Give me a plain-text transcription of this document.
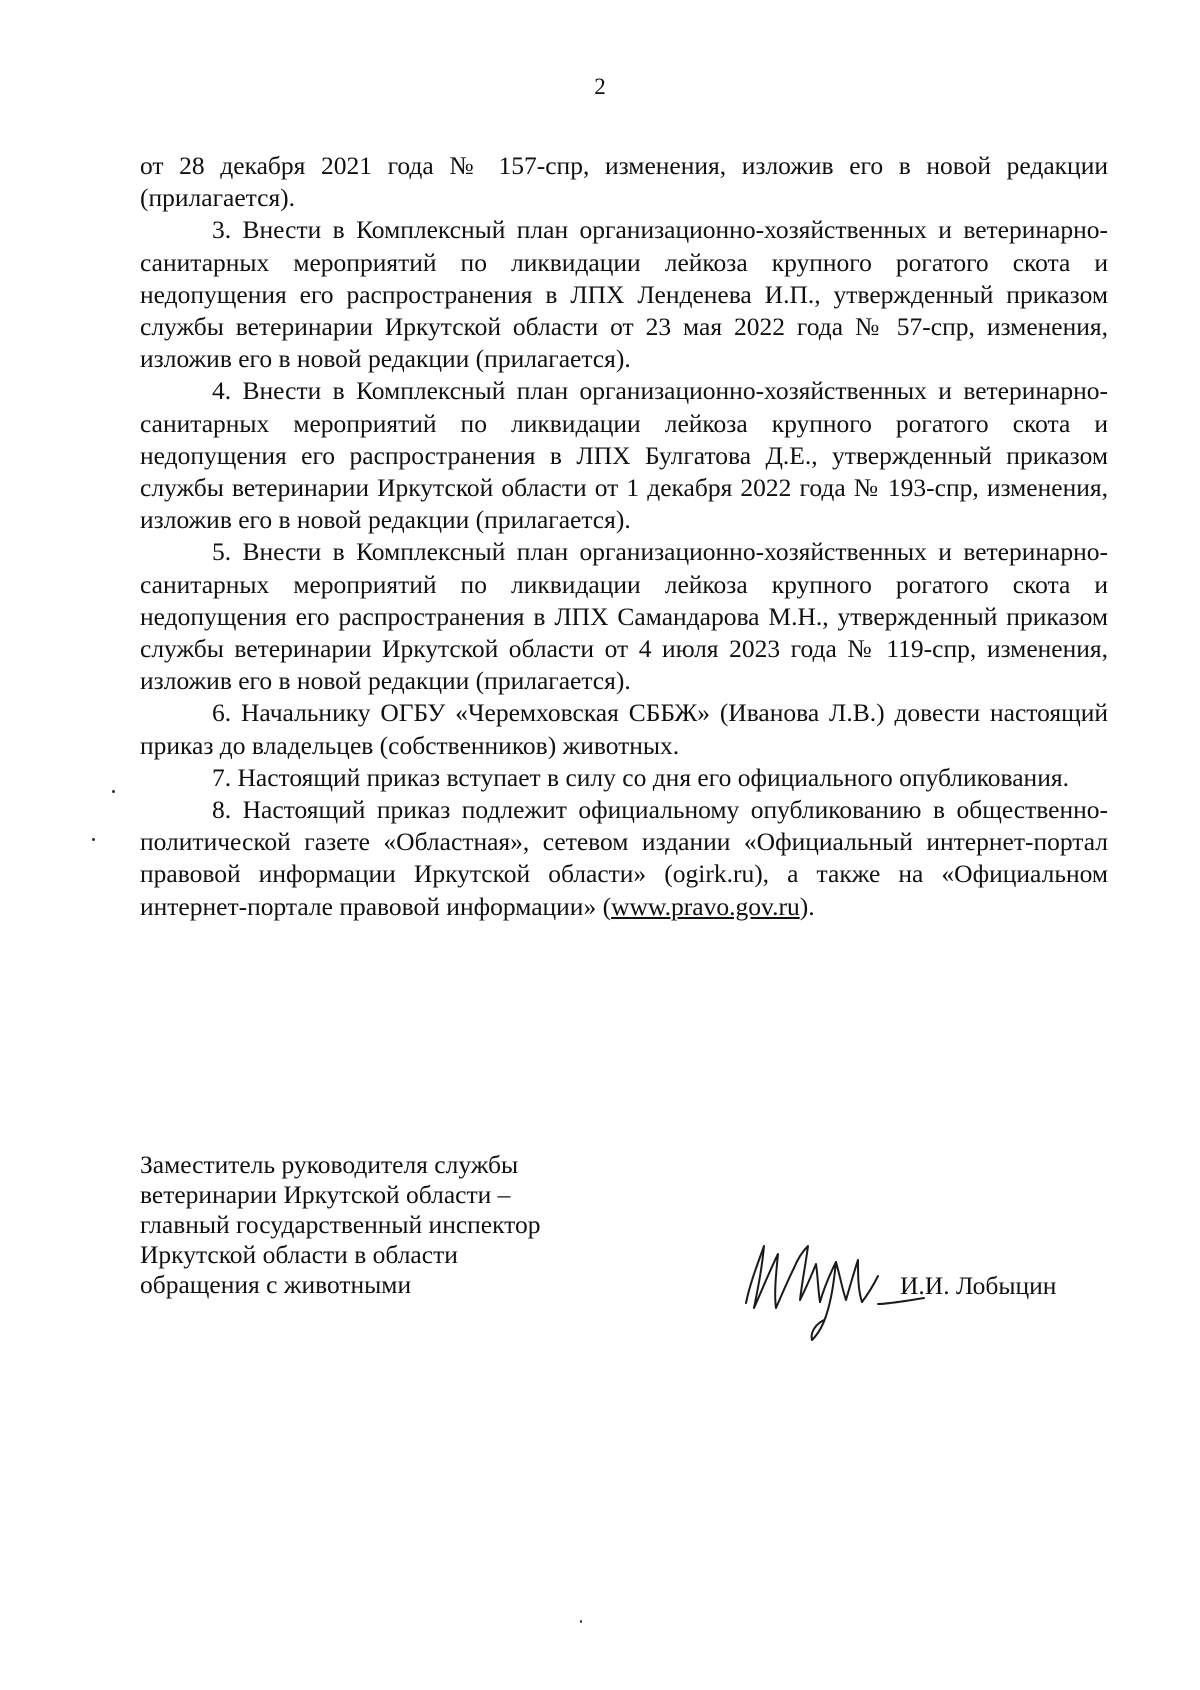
2

от 28 декабря 2021 года № 157-спр, изменения, изложив его в новой редакции (прилагается).

3. Внести в Комплексный план организационно-хозяйственных и ветеринарно-санитарных мероприятий по ликвидации лейкоза крупного рогатого скота и недопущения его распространения в ЛПХ Ленденева И.П., утвержденный приказом службы ветеринарии Иркутской области от 23 мая 2022 года № 57-спр, изменения, изложив его в новой редакции (прилагается).

4. Внести в Комплексный план организационно-хозяйственных и ветеринарно-санитарных мероприятий по ликвидации лейкоза крупного рогатого скота и недопущения его распространения в ЛПХ Булгатова Д.Е., утвержденный приказом службы ветеринарии Иркутской области от 1 декабря 2022 года № 193-спр, изменения, изложив его в новой редакции (прилагается).

5. Внести в Комплексный план организационно-хозяйственных и ветеринарно-санитарных мероприятий по ликвидации лейкоза крупного рогатого скота и недопущения его распространения в ЛПХ Самандарова М.Н., утвержденный приказом службы ветеринарии Иркутской области от 4 июля 2023 года № 119-спр, изменения, изложив его в новой редакции (прилагается).

6. Начальнику ОГБУ «Черемховская СББЖ» (Иванова Л.В.) довести настоящий приказ до владельцев (собственников) животных.

7. Настоящий приказ вступает в силу со дня его официального опубликования.

8. Настоящий приказ подлежит официальному опубликованию в общественно-политической газете «Областная», сетевом издании «Официальный интернет-портал правовой информации Иркутской области» (ogirk.ru), а также на «Официальном интернет-портале правовой информации» (www.pravo.gov.ru).

Заместитель руководителя службы
ветеринарии Иркутской области –
главный государственный инспектор
Иркутской области в области
обращения с животными	И.И. Лобыцин
